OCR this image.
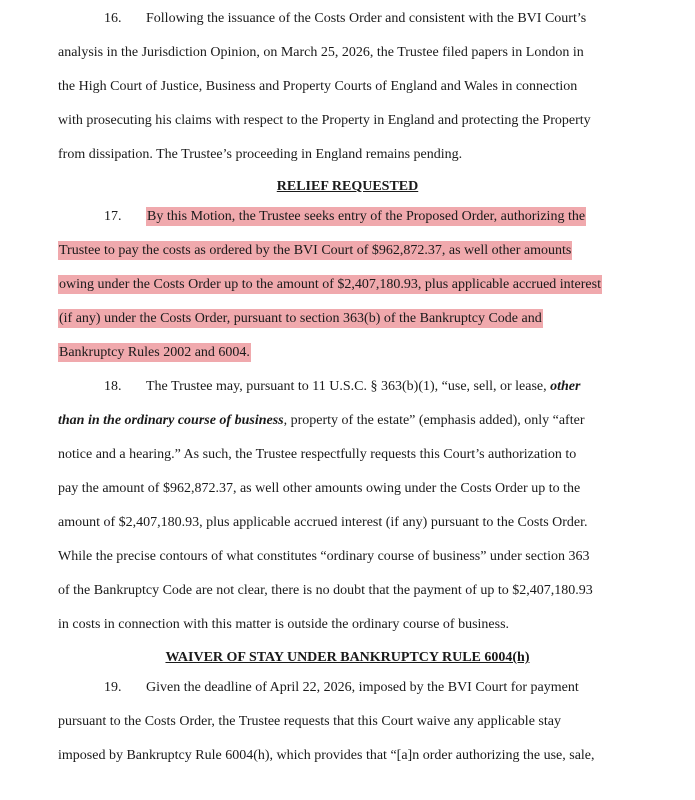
16. Following the issuance of the Costs Order and consistent with the BVI Court’s
analysis in the Jurisdiction Opinion, on March 25, 2026, the Trustee filed papers in London in
the High Court of Justice, Business and Property Courts of England and Wales in connection
with prosecuting his claims with respect to the Property in England and protecting the Property
from dissipation. The Trustee’s proceeding in England remains pending.
RELIEF REQUESTED
17. By this Motion, the Trustee seeks entry of the Proposed Order, authorizing the
Trustee to pay the costs as ordered by the BVI Court of $962,872.37, as well other amounts
owing under the Costs Order up to the amount of $2,407,180.93, plus applicable accrued interest
(if any) under the Costs Order, pursuant to section 363(b) of the Bankruptcy Code and
Bankruptcy Rules 2002 and 6004.
18. The Trustee may, pursuant to 11 U.S.C. § 363(b)(1), “use, sell, or lease, other
than in the ordinary course of business, property of the estate” (emphasis added), only “after
notice and a hearing.” As such, the Trustee respectfully requests this Court’s authorization to
pay the amount of $962,872.37, as well other amounts owing under the Costs Order up to the
amount of $2,407,180.93, plus applicable accrued interest (if any) pursuant to the Costs Order.
While the precise contours of what constitutes “ordinary course of business” under section 363
of the Bankruptcy Code are not clear, there is no doubt that the payment of up to $2,407,180.93
in costs in connection with this matter is outside the ordinary course of business.
WAIVER OF STAY UNDER BANKRUPTCY RULE 6004(h)
19. Given the deadline of April 22, 2026, imposed by the BVI Court for payment
pursuant to the Costs Order, the Trustee requests that this Court waive any applicable stay
imposed by Bankruptcy Rule 6004(h), which provides that “[a]n order authorizing the use, sale,
